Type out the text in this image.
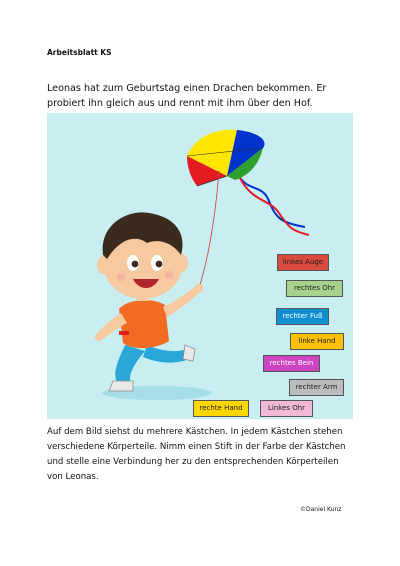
Arbeitsblatt KS
Leonas hat zum Geburtstag einen Drachen bekommen. Er probiert ihn gleich aus und rennt mit ihm über den Hof.
linkes Auge
rechtes Ohr
rechter Fuß
linke Hand
rechtes Bein
rechter Arm
rechte Hand	Linkes Ohr
Auf dem Bild siehst du mehrere Kästchen. In jedem Kästchen stehen verschiedene Körperteile. Nimm einen Stift in der Farbe der Kästchen und stelle eine Verbindung her zu den entsprechenden Körperteilen von Leonas.
©Daniel Kunz
